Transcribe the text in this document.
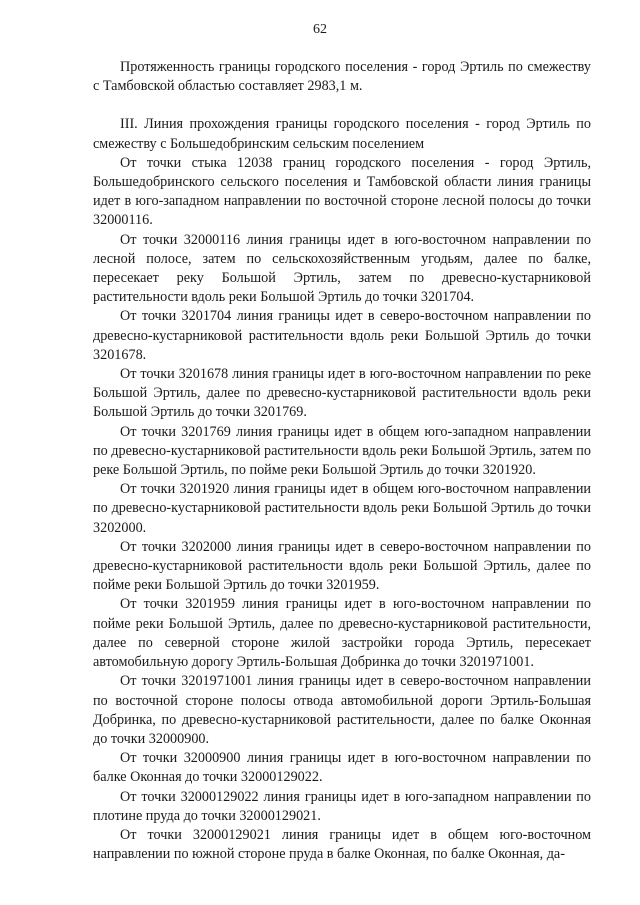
62

Протяженность границы городского поселения - город Эртиль по смежеству с Тамбовской областью составляет 2983,1 м.

III. Линия прохождения границы городского поселения - город Эртиль по смежеству с Большедобринским сельским поселением

От точки стыка 12038 границ городского поселения - город Эртиль, Большедобринского сельского поселения и Тамбовской области линия границы идет в юго-западном направлении по восточной стороне лесной полосы до точки 32000116.

От точки 32000116 линия границы идет в юго-восточном направлении по лесной полосе, затем по сельскохозяйственным угодьям, далее по балке, пересекает реку Большой Эртиль, затем по древесно-кустарниковой растительности вдоль реки Большой Эртиль до точки 3201704.

От точки 3201704 линия границы идет в северо-восточном направлении по древесно-кустарниковой растительности вдоль реки Большой Эртиль до точки 3201678.

От точки 3201678 линия границы идет в юго-восточном направлении по реке Большой Эртиль, далее по древесно-кустарниковой растительности вдоль реки Большой Эртиль до точки 3201769.

От точки 3201769 линия границы идет в общем юго-западном направлении по древесно-кустарниковой растительности вдоль реки Большой Эртиль, затем по реке Большой Эртиль, по пойме реки Большой Эртиль до точки 3201920.

От точки 3201920 линия границы идет в общем юго-восточном направлении по древесно-кустарниковой растительности вдоль реки Большой Эртиль до точки 3202000.

От точки 3202000 линия границы идет в северо-восточном направлении по древесно-кустарниковой растительности вдоль реки Большой Эртиль, далее по пойме реки Большой Эртиль до точки 3201959.

От точки 3201959 линия границы идет в юго-восточном направлении по пойме реки Большой Эртиль, далее по древесно-кустарниковой растительности, далее по северной стороне жилой застройки города Эртиль, пересекает автомобильную дорогу Эртиль-Большая Добринка до точки 3201971001.

От точки 3201971001 линия границы идет в северо-восточном направлении по восточной стороне полосы отвода автомобильной дороги Эртиль-Большая Добринка, по древесно-кустарниковой растительности, далее по балке Оконная до точки 32000900.

От точки 32000900 линия границы идет в юго-восточном направлении по балке Оконная до точки 32000129022.

От точки 32000129022 линия границы идет в юго-западном направлении по плотине пруда до точки 32000129021.

От точки 32000129021 линия границы идет в общем юго-восточном направлении по южной стороне пруда в балке Оконная, по балке Оконная, да-
